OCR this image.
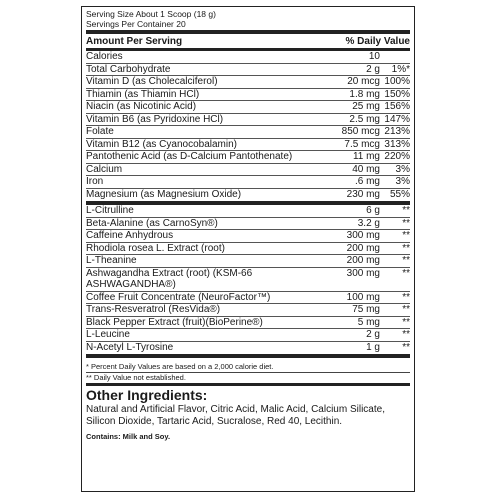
Serving Size About 1 Scoop (18 g)
Servings Per Container 20
Amount Per Serving	% Daily Value
Calories	10
Total Carbohydrate	2 g	1%*
Vitamin D (as Cholecalciferol)	20 mcg 100%
Thiamin (as Thiamin HCl)	1.8 mg 150%
Niacin (as Nicotinic Acid)	25 mg 156%
Vitamin B6 (as Pyridoxine HCl)	2.5 mg 147%
Folate	850 mcg 213%
Vitamin B12 (as Cyanocobalamin)	7.5 mcg 313%
Pantothenic Acid (as D-Calcium Pantothenate)	11 mg 220%
Calcium	40 mg	3%
Iron	.6 mg	3%
Magnesium (as Magnesium Oxide)	230 mg 55%
L-Citrulline	6 g	**
Beta-Alanine (as CarnoSyn®)	3.2 g	**
Caffeine Anhydrous	300 mg	**
Rhodiola rosea L. Extract (root)	200 mg	**
L-Theanine	200 mg	**
Ashwagandha Extract (root) (KSM-66 ASHWAGANDHA®)
300 mg	**
Coffee Fruit Concentrate (NeuroFactor™)	100 mg	**
Trans-Resveratrol (ResVida®)	75 mg	**
Black Pepper Extract (fruit)(BioPerine®)	5 mg	**
L-Leucine	2 g	**
N-Acetyl L-Tyrosine	1 g	**
* Percent Daily Values are based on a 2,000 calorie diet.
** Daily Value not established.
Other Ingredients:
Natural and Artificial Flavor, Citric Acid, Malic Acid, Calcium Silicate, Silicon Dioxide, Tartaric Acid, Sucralose, Red 40, Lecithin.
Contains: Milk and Soy.
